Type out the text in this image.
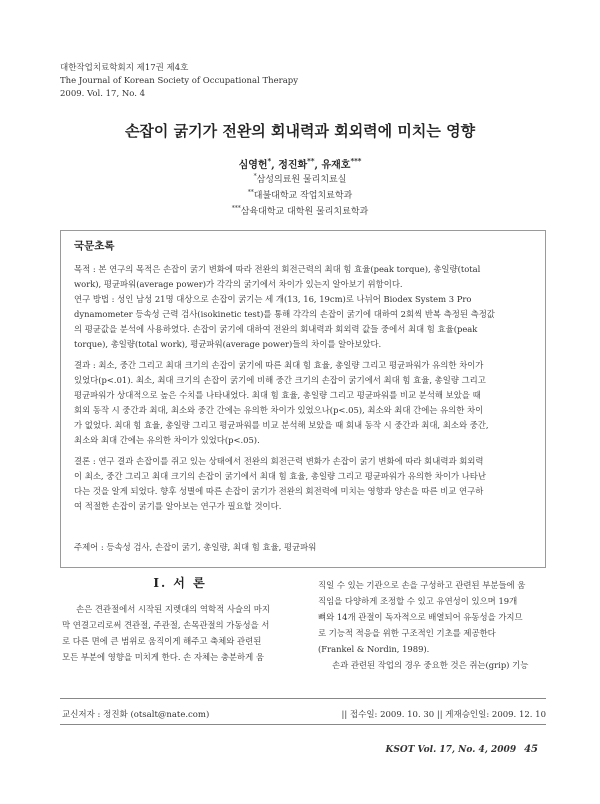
대한작업치료학회지 제17권 제4호
The Journal of Korean Society of Occupational Therapy
2009. Vol. 17, No. 4
손잡이 굵기가 전완의 회내력과 회외력에 미치는 영향
심영헌*, 정진화**, 유재호***
*삼성의료원 물리치료실
**대불대학교 작업치료학과
***삼육대학교 대학원 물리치료학과
국문초록
목적 : 본 연구의 목적은 손잡이 굵기 변화에 따라 전완의 회전근력의 최대 힘 효율(peak torque), 총일량(total
work), 평균파워(average power)가 각각의 굵기에서 차이가 있는지 알아보기 위함이다.
연구 방법 : 성인 남성 21명 대상으로 손잡이 굵기는 세 개(13, 16, 19cm)로 나뉘어 Biodex System 3 Pro
dynamometer 등속성 근력 검사(isokinetic test)를 통해 각각의 손잡이 굵기에 대하여 2회씩 반복 측정된 측정값
의 평균값을 분석에 사용하였다. 손잡이 굵기에 대하여 전완의 회내력과 회외력 값들 중에서 최대 힘 효율(peak
torque), 총일량(total work), 평균파워(average power)들의 차이를 알아보았다.
결과 : 최소, 중간 그리고 최대 크기의 손잡이 굵기에 따른 최대 힘 효율, 총일량 그리고 평균파워가 유의한 차이가
있었다(p<.01). 최소, 최대 크기의 손잡이 굵기에 비해 중간 크기의 손잡이 굵기에서 최대 힘 효율, 총일량 그리고
평균파워가 상대적으로 높은 수치를 나타내었다. 최대 힘 효율, 총일량 그리고 평균파워를 비교 분석해 보았을 때
회외 동작 시 중간과 최대, 최소와 중간 간에는 유의한 차이가 있었으나(p<.05), 최소와 최대 간에는 유의한 차이
가 없었다. 최대 힘 효율, 총일량 그리고 평균파워를 비교 분석해 보았을 때 회내 동작 시 중간과 최대, 최소와 중간,
최소와 최대 간에는 유의한 차이가 있었다(p<.05).
결론 : 연구 결과 손잡이를 쥐고 있는 상태에서 전완의 회전근력 변화가 손잡이 굵기 변화에 따라 회내력과 회외력
이 최소, 중간 그리고 최대 크기의 손잡이 굵기에서 최대 힘 효율, 총일량 그리고 평균파워가 유의한 차이가 나타난
다는 것을 알게 되었다. 향후 성별에 따른 손잡이 굵기가 전완의 회전력에 미치는 영향과 양손을 따른 비교 연구하
여 적절한 손잡이 굵기를 알아보는 연구가 필요할 것이다.
주제어 : 등속성 검사, 손잡이 굵기, 총일량, 최대 힘 효율, 평균파워
Ⅰ. 서 론
손은 견관절에서 시작된 지렛대의 역학적 사슬의 마지
막 연결고리로써 견관절, 주관절, 손목관절의 가동성을 서
로 다른 면에 큰 범위로 움직이게 해주고 축체와 관련된
모든 부분에 영향을 미치게 한다. 손 자체는 충분하게 움
직일 수 있는 기관으로 손을 구성하고 관련된 부분들에 움
직임을 다양하게 조정할 수 있고 유연성이 있으며 19개
뼈와 14개 관절이 독자적으로 배열되어 유동성을 가지므
로 기능적 적응을 위한 구조적인 기초를 제공한다
(Frankel & Nordin, 1989).
손과 관련된 작업의 경우 중요한 것은 쥐는(grip) 기능
교신저자 : 정진화 (otsalt@nate.com)	|| 접수일: 2009. 10. 30 || 게재승인일: 2009. 12. 10
KSOT Vol. 17, No. 4, 2009 45
